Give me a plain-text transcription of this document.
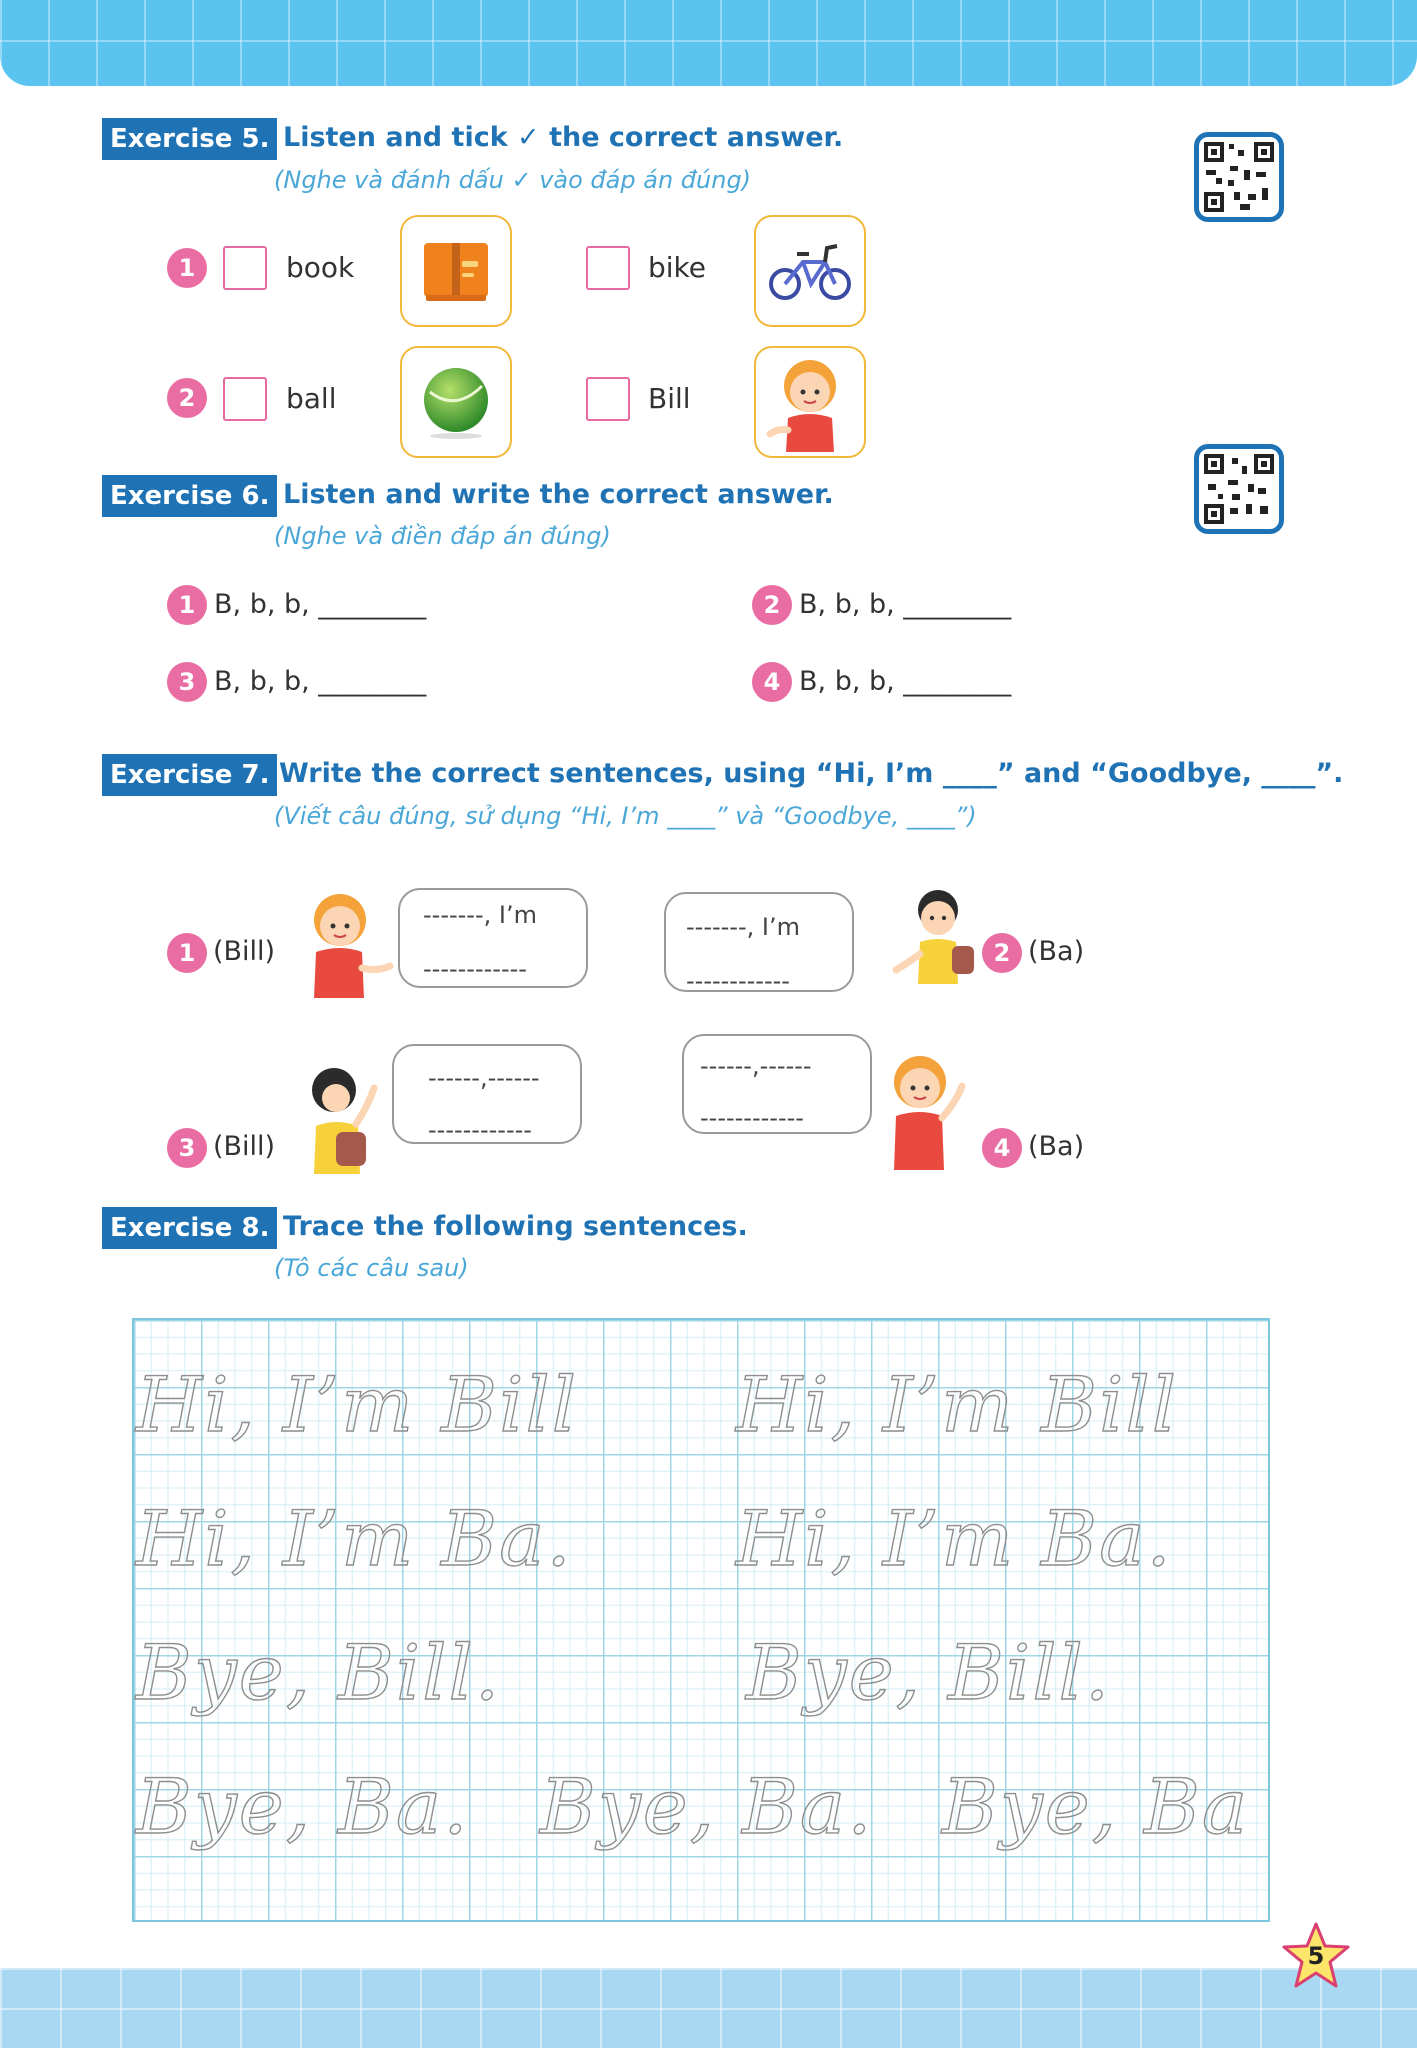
Exercise 5. Listen and tick ✓ the correct answer.
(Nghe và đánh dấu ✓ vào đáp án đúng)
1	book	bike
2	ball	Bill
Exercise 6. Listen and write the correct answer.
(Nghe và điền đáp án đúng)
1 B, b, b, ________	2 B, b, b, ________
3 B, b, b, ________	4 B, b, b, ________
Exercise 7. Write the correct sentences, using “Hi, I’m ____” and “Goodbye, ____”.
(Viết câu đúng, sử dụng “Hi, I’m ____” và “Goodbye, ____”)
1 (Bill)
-------, I’m
------------
-------, I’m
------------
2 (Ba)
3 (Bill)
------,------
------------
------,------
------------
4 (Ba)
Exercise 8. Trace the following sentences.
(Tô các câu sau)
Hi, I’m Bill Hi, I’m Bill
Hi, I’m Ba. Hi, I’m Ba.
Bye, Bill.	Bye, Bill.
Bye, Ba. Bye, Ba. Bye, Ba
5
